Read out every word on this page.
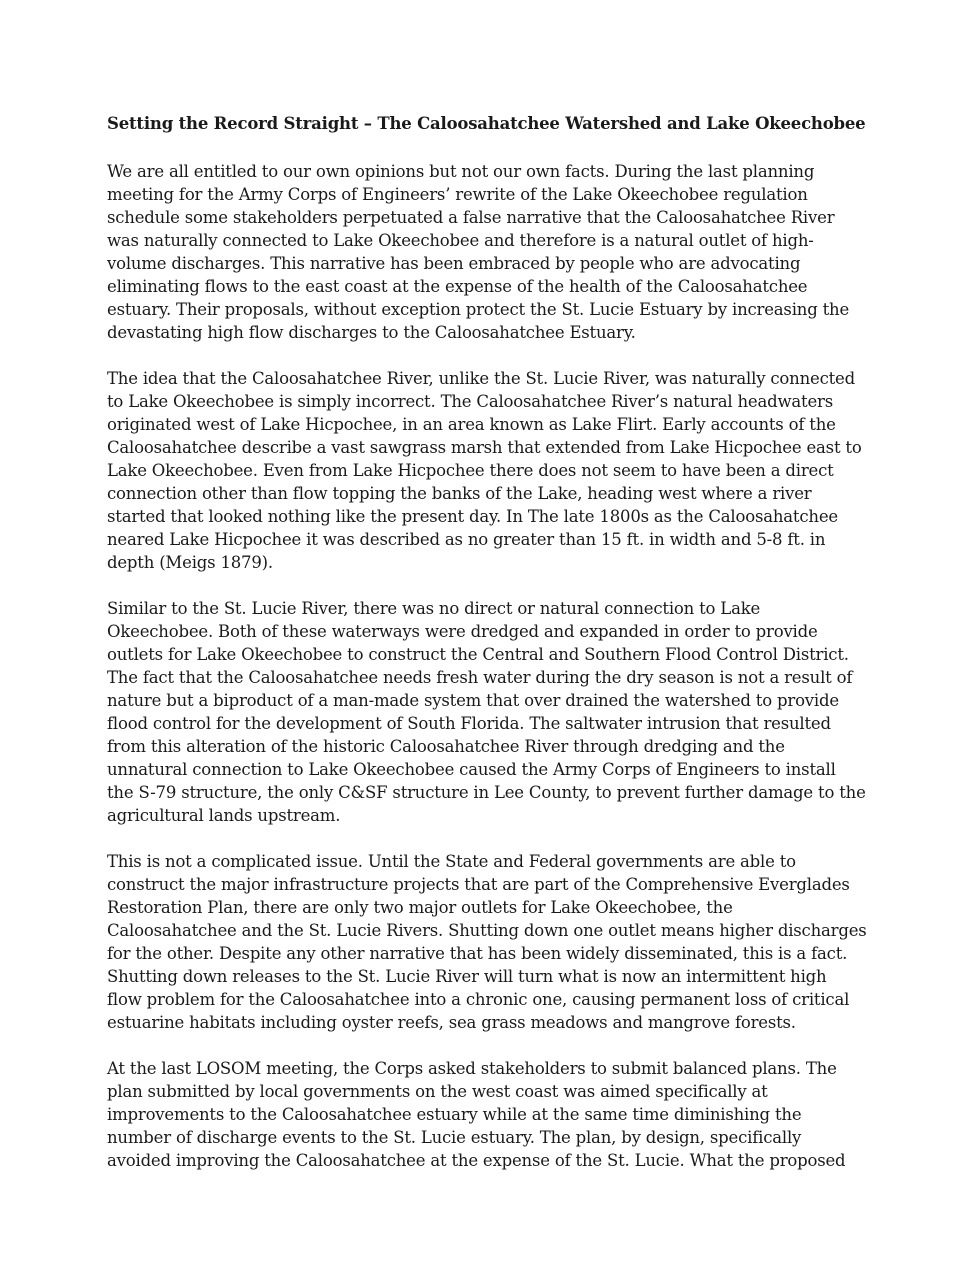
Setting the Record Straight – The Caloosahatchee Watershed and Lake Okeechobee
We are all entitled to our own opinions but not our own facts. During the last planning
meeting for the Army Corps of Engineers’ rewrite of the Lake Okeechobee regulation
schedule some stakeholders perpetuated a false narrative that the Caloosahatchee River
was naturally connected to Lake Okeechobee and therefore is a natural outlet of high-
volume discharges. This narrative has been embraced by people who are advocating
eliminating flows to the east coast at the expense of the health of the Caloosahatchee
estuary. Their proposals, without exception protect the St. Lucie Estuary by increasing the
devastating high flow discharges to the Caloosahatchee Estuary.
The idea that the Caloosahatchee River, unlike the St. Lucie River, was naturally connected
to Lake Okeechobee is simply incorrect. The Caloosahatchee River’s natural headwaters
originated west of Lake Hicpochee, in an area known as Lake Flirt. Early accounts of the
Caloosahatchee describe a vast sawgrass marsh that extended from Lake Hicpochee east to
Lake Okeechobee. Even from Lake Hicpochee there does not seem to have been a direct
connection other than flow topping the banks of the Lake, heading west where a river
started that looked nothing like the present day. In The late 1800s as the Caloosahatchee
neared Lake Hicpochee it was described as no greater than 15 ft. in width and 5-8 ft. in
depth (Meigs 1879).
Similar to the St. Lucie River, there was no direct or natural connection to Lake
Okeechobee. Both of these waterways were dredged and expanded in order to provide
outlets for Lake Okeechobee to construct the Central and Southern Flood Control District.
The fact that the Caloosahatchee needs fresh water during the dry season is not a result of
nature but a biproduct of a man-made system that over drained the watershed to provide
flood control for the development of South Florida. The saltwater intrusion that resulted
from this alteration of the historic Caloosahatchee River through dredging and the
unnatural connection to Lake Okeechobee caused the Army Corps of Engineers to install
the S-79 structure, the only C&SF structure in Lee County, to prevent further damage to the
agricultural lands upstream.
This is not a complicated issue. Until the State and Federal governments are able to
construct the major infrastructure projects that are part of the Comprehensive Everglades
Restoration Plan, there are only two major outlets for Lake Okeechobee, the
Caloosahatchee and the St. Lucie Rivers. Shutting down one outlet means higher discharges
for the other. Despite any other narrative that has been widely disseminated, this is a fact.
Shutting down releases to the St. Lucie River will turn what is now an intermittent high
flow problem for the Caloosahatchee into a chronic one, causing permanent loss of critical
estuarine habitats including oyster reefs, sea grass meadows and mangrove forests.
At the last LOSOM meeting, the Corps asked stakeholders to submit balanced plans. The
plan submitted by local governments on the west coast was aimed specifically at
improvements to the Caloosahatchee estuary while at the same time diminishing the
number of discharge events to the St. Lucie estuary. The plan, by design, specifically
avoided improving the Caloosahatchee at the expense of the St. Lucie. What the proposed
